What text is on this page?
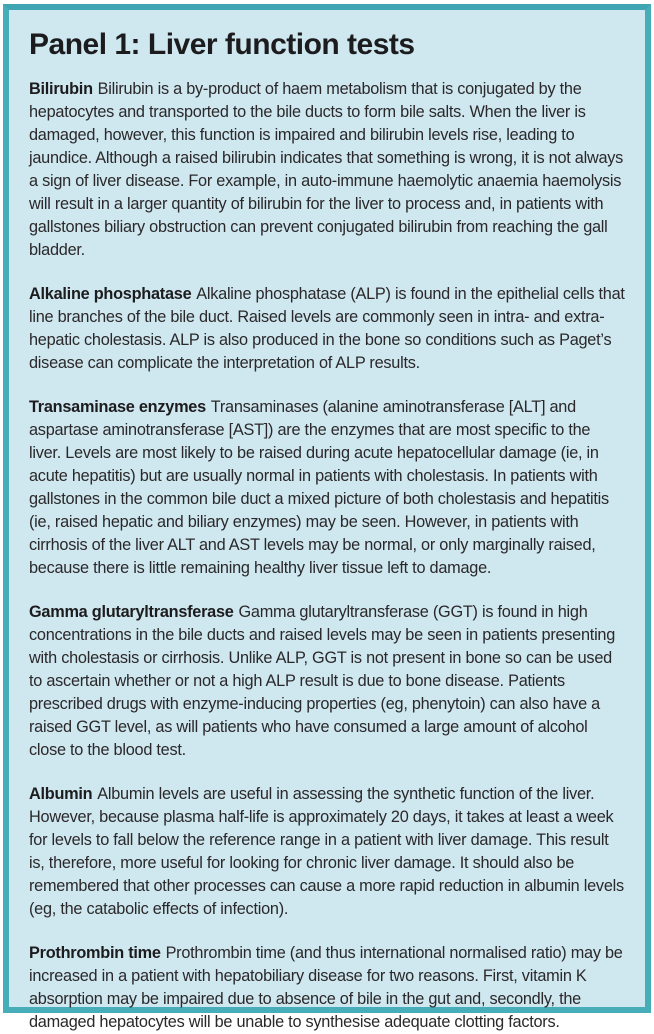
Panel 1: Liver function tests

Bilirubin Bilirubin is a by-product of haem metabolism that is conjugated by the hepatocytes and transported to the bile ducts to form bile salts. When the liver is damaged, however, this function is impaired and bilirubin levels rise, leading to jaundice. Although a raised bilirubin indicates that something is wrong, it is not always a sign of liver disease. For example, in auto-immune haemolytic anaemia haemolysis will result in a larger quantity of bilirubin for the liver to process and, in patients with gallstones biliary obstruction can prevent conjugated bilirubin from reaching the gall bladder.

Alkaline phosphatase Alkaline phosphatase (ALP) is found in the epithelial cells that line branches of the bile duct. Raised levels are commonly seen in intra- and extra-hepatic cholestasis. ALP is also produced in the bone so conditions such as Paget’s disease can complicate the interpretation of ALP results.

Transaminase enzymes Transaminases (alanine aminotransferase [ALT] and aspartase aminotransferase [AST]) are the enzymes that are most specific to the liver. Levels are most likely to be raised during acute hepatocellular damage (ie, in acute hepatitis) but are usually normal in patients with cholestasis. In patients with gallstones in the common bile duct a mixed picture of both cholestasis and hepatitis (ie, raised hepatic and biliary enzymes) may be seen. However, in patients with cirrhosis of the liver ALT and AST levels may be normal, or only marginally raised, because there is little remaining healthy liver tissue left to damage.

Gamma glutaryltransferase Gamma glutaryltransferase (GGT) is found in high concentrations in the bile ducts and raised levels may be seen in patients presenting with cholestasis or cirrhosis. Unlike ALP, GGT is not present in bone so can be used to ascertain whether or not a high ALP result is due to bone disease. Patients prescribed drugs with enzyme-inducing properties (eg, phenytoin) can also have a raised GGT level, as will patients who have consumed a large amount of alcohol close to the blood test.

Albumin Albumin levels are useful in assessing the synthetic function of the liver. However, because plasma half-life is approximately 20 days, it takes at least a week for levels to fall below the reference range in a patient with liver damage. This result is, therefore, more useful for looking for chronic liver damage. It should also be remembered that other processes can cause a more rapid reduction in albumin levels (eg, the catabolic effects of infection).

Prothrombin time Prothrombin time (and thus international normalised ratio) may be increased in a patient with hepatobiliary disease for two reasons. First, vitamin K absorption may be impaired due to absence of bile in the gut and, secondly, the damaged hepatocytes will be unable to synthesise adequate clotting factors.
